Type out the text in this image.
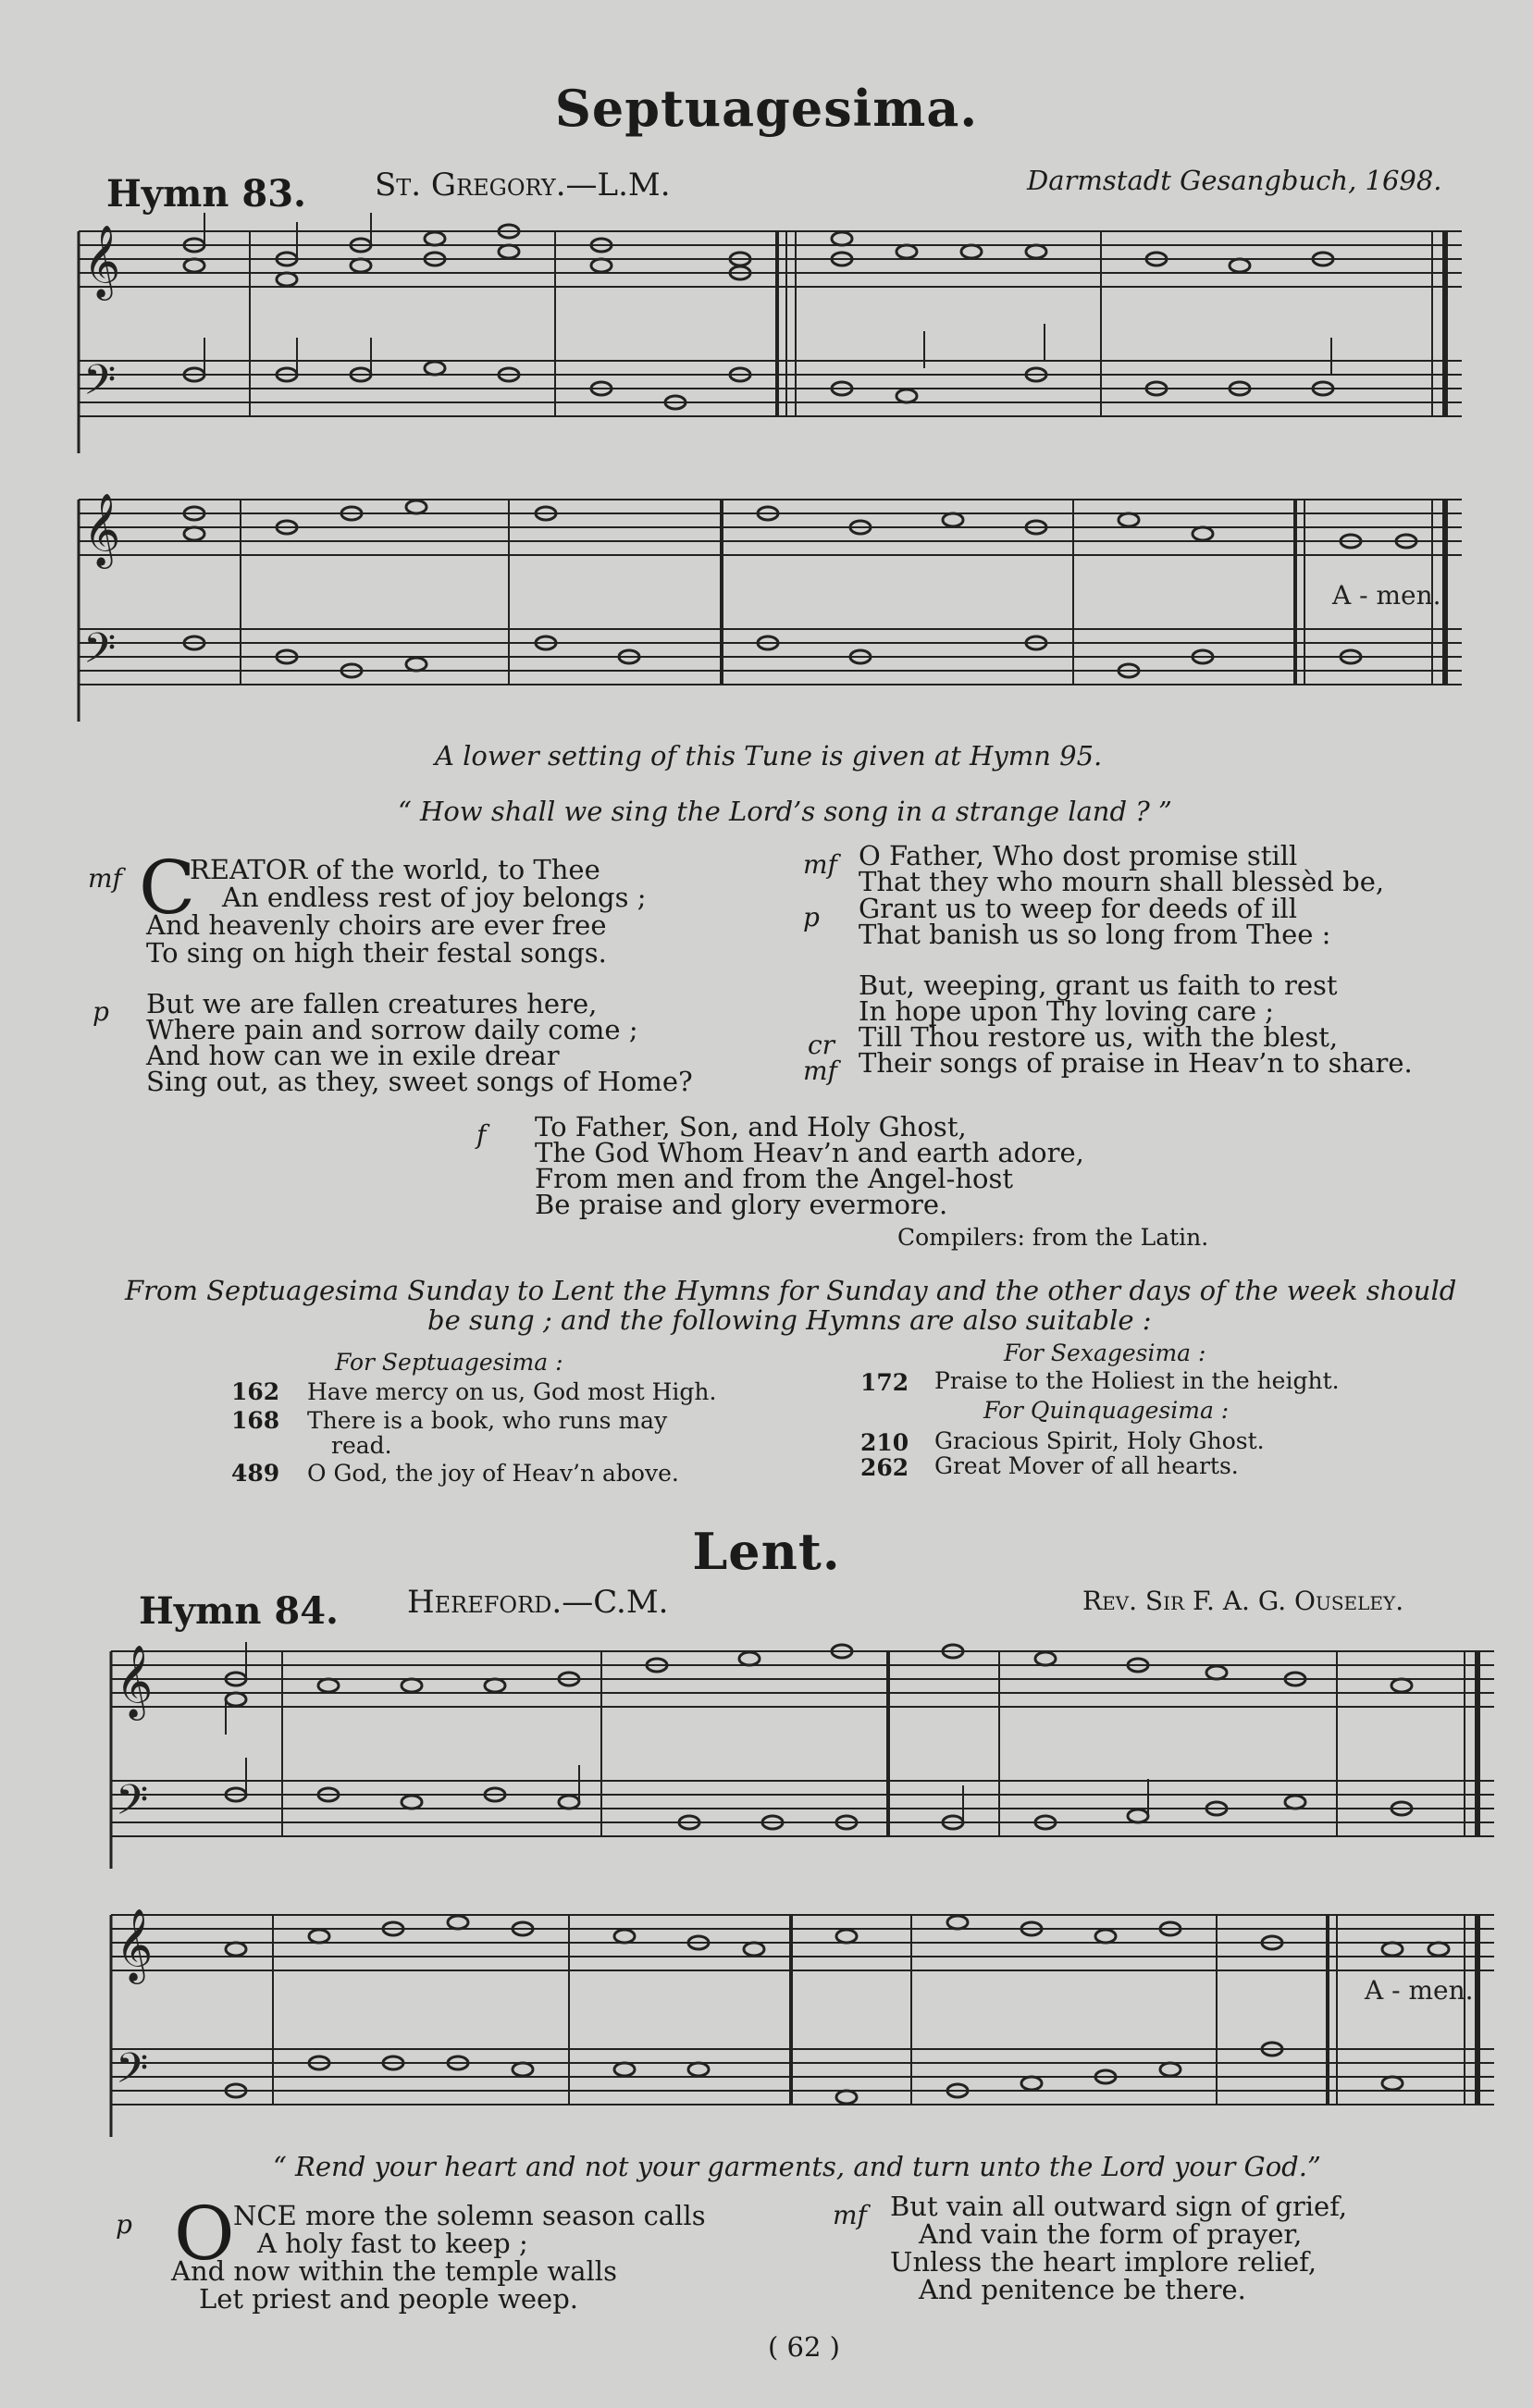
Septuagesima.
Hymn 83. St. Gregory.—L.M.	Darmstadt Gesangbuch, 1698.
𝄞
𝄢
𝄞
𝄢
A - men.
A lower setting of this Tune is given at Hymn 95.
“ How shall we sing the Lord’s song in a strange land ? ”
mf C
REATOR of the world, to Thee
An endless rest of joy belongs ;
And heavenly choirs are ever free
To sing on high their festal songs.
p But we are fallen creatures here,
Where pain and sorrow daily come ;
And how can we in exile drear
Sing out, as they, sweet songs of Home?
mf O Father, Who dost promise still
That they who mourn shall blessèd be,
p Grant us to weep for deeds of ill
That banish us so long from Thee :
But, weeping, grant us faith to rest
In hope upon Thy loving care ;
cr Till Thou restore us, with the blest,
mf Their songs of praise in Heav’n to share.
f To Father, Son, and Holy Ghost,
The God Whom Heav’n and earth adore,
From men and from the Angel-host
Be praise and glory evermore.
Compilers: from the Latin.
From Septuagesima Sunday to Lent the Hymns for Sunday and the other days of the week should
be sung ; and the following Hymns are also suitable :
For Septuagesima :
162 Have mercy on us, God most High.
168 There is a book, who runs may
read.
489 O God, the joy of Heav’n above.
For Sexagesima :
172 Praise to the Holiest in the height.
For Quinquagesima :
210 Gracious Spirit, Holy Ghost.
262 Great Mover of all hearts.
Lent.
Hymn 84. Hereford.—C.M.	Rev. Sir F. A. G. Ouseley.
𝄞
𝄢
𝄞
𝄢
A - men.
“ Rend your heart and not your garments, and turn unto the Lord your God.”
p O
NCE more the solemn season calls
A holy fast to keep ;
And now within the temple walls
Let priest and people weep.
mf But vain all outward sign of grief,
And vain the form of prayer,
Unless the heart implore relief,
And penitence be there.
( 62 )
